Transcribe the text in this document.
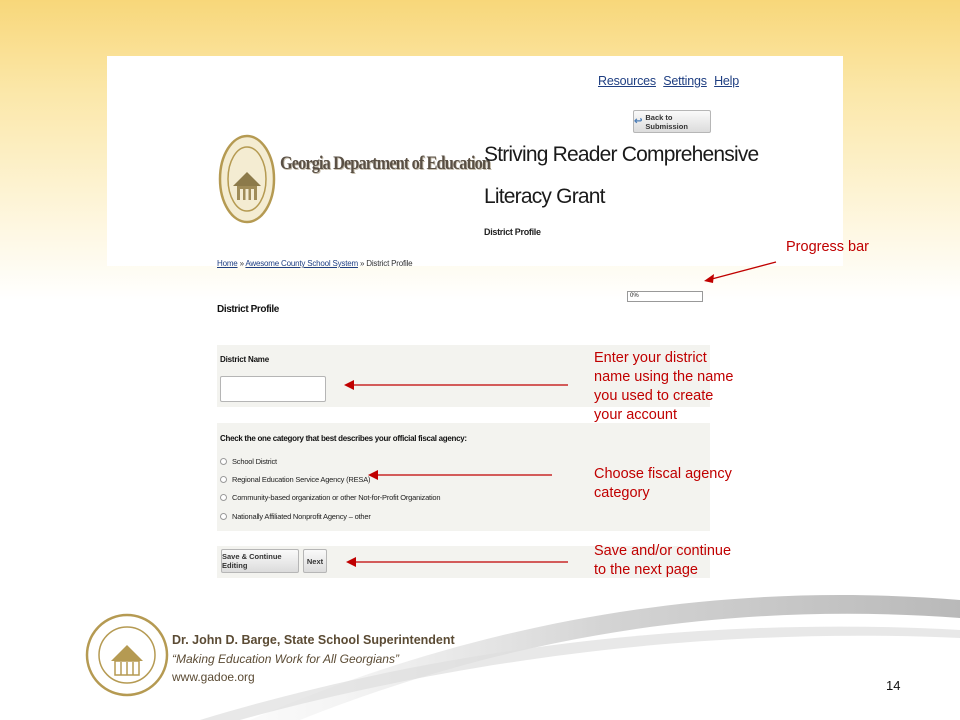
Resources Settings Help
↩ Back to Submission
Georgia Department of Education
Striving Reader Comprehensive
Literacy Grant
District Profile
Home » Awesome County School System » District Profile
0%
District Profile
District Name
Check the one category that best describes your official fiscal agency:
School District
Regional Education Service Agency (RESA)
Community-based organization or other Not-for-Profit Organization
Nationally Affiliated Nonprofit Agency – other
Save & Continue Editing	Next
Progress bar
Enter your district name using the name you used to create your account
Choose fiscal agency category
Save and/or continue to the next page
Dr. John D. Barge, State School Superintendent
“Making Education Work for All Georgians”
www.gadoe.org
14
